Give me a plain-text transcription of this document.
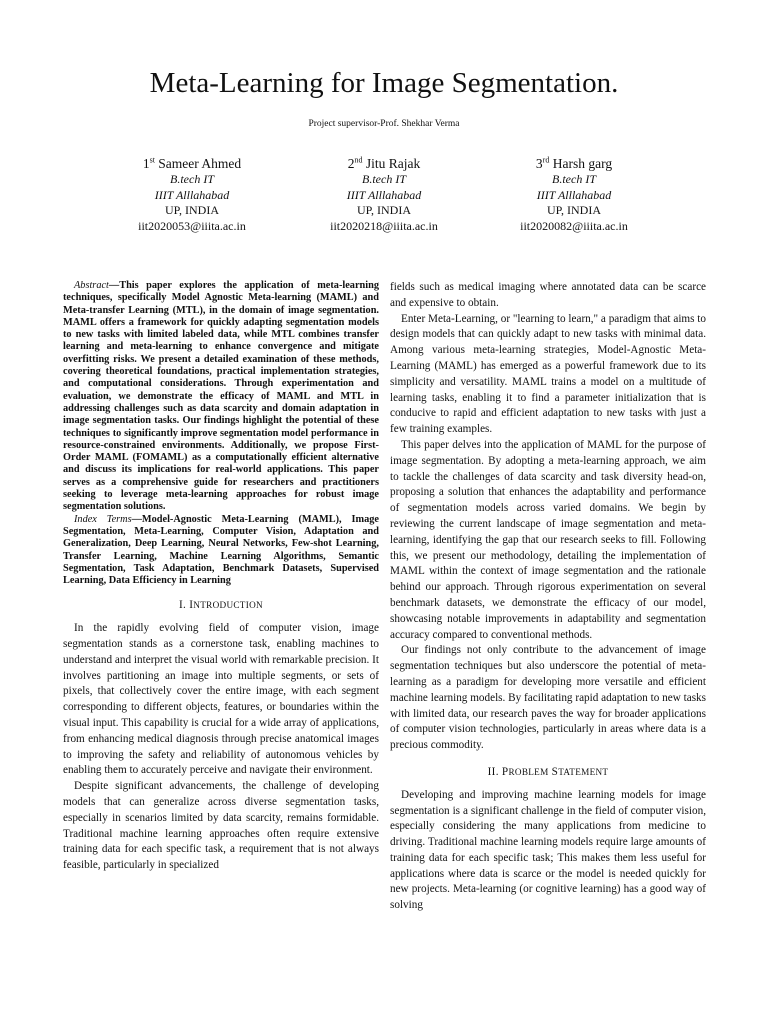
Meta-Learning for Image Segmentation.

Project supervisor-Prof. Shekhar Verma

1st Sameer Ahmed
B.tech IT
IIIT Alllahabad
UP, INDIA
iit2020053@iiita.ac.in
2nd Jitu Rajak
B.tech IT
IIIT Alllahabad
UP, INDIA
iit2020218@iiita.ac.in
3rd Harsh garg
B.tech IT
IIIT Alllahabad
UP, INDIA
iit2020082@iiita.ac.in

Abstract—This paper explores the application of meta-learning techniques, specifically Model Agnostic Meta-learning (MAML) and Meta-transfer Learning (MTL), in the domain of image segmentation. MAML offers a framework for quickly adapting segmentation models to new tasks with limited labeled data, while MTL combines transfer learning and meta-learning to enhance convergence and mitigate overfitting risks. We present a detailed examination of these methods, covering theoretical foundations, practical implementation strategies, and computational considerations. Through experimentation and evaluation, we demonstrate the efficacy of MAML and MTL in addressing challenges such as data scarcity and domain adaptation in image segmentation tasks. Our findings highlight the potential of these techniques to significantly improve segmentation model performance in resource-constrained environments. Additionally, we propose First-Order MAML (FOMAML) as a computationally efficient alternative and discuss its implications for real-world applications. This paper serves as a comprehensive guide for researchers and practitioners seeking to leverage meta-learning approaches for robust image segmentation solutions.

Index Terms—Model-Agnostic Meta-Learning (MAML), Image Segmentation, Meta-Learning, Computer Vision, Adaptation and Generalization, Deep Learning, Neural Networks, Few-shot Learning, Transfer Learning, Machine Learning Algorithms, Semantic Segmentation, Task Adaptation, Benchmark Datasets, Supervised Learning, Data Efficiency in Learning

I. INTRODUCTION

In the rapidly evolving field of computer vision, image segmentation stands as a cornerstone task, enabling machines to understand and interpret the visual world with remarkable precision. It involves partitioning an image into multiple segments, or sets of pixels, that collectively cover the entire image, with each segment corresponding to different objects, features, or boundaries within the visual input. This capability is crucial for a wide array of applications, from enhancing medical diagnosis through precise anatomical images to improving the safety and reliability of autonomous vehicles by enabling them to accurately perceive and navigate their environment.

Despite significant advancements, the challenge of developing models that can generalize across diverse segmentation tasks, especially in scenarios limited by data scarcity, remains formidable. Traditional machine learning approaches often require extensive training data for each specific task, a requirement that is not always feasible, particularly in specialized

fields such as medical imaging where annotated data can be scarce and expensive to obtain.

Enter Meta-Learning, or "learning to learn," a paradigm that aims to design models that can quickly adapt to new tasks with minimal data. Among various meta-learning strategies, Model-Agnostic Meta-Learning (MAML) has emerged as a powerful framework due to its simplicity and versatility. MAML trains a model on a multitude of learning tasks, enabling it to find a parameter initialization that is conducive to rapid and efficient adaptation to new tasks with just a few training examples.

This paper delves into the application of MAML for the purpose of image segmentation. By adopting a meta-learning approach, we aim to tackle the challenges of data scarcity and task diversity head-on, proposing a solution that enhances the adaptability and performance of segmentation models across varied domains. We begin by reviewing the current landscape of image segmentation and meta-learning, identifying the gap that our research seeks to fill. Following this, we present our methodology, detailing the implementation of MAML within the context of image segmentation and the rationale behind our approach. Through rigorous experimentation on several benchmark datasets, we demonstrate the efficacy of our model, showcasing notable improvements in adaptability and segmentation accuracy compared to conventional methods.

Our findings not only contribute to the advancement of image segmentation techniques but also underscore the potential of meta-learning as a paradigm for developing more versatile and efficient machine learning models. By facilitating rapid adaptation to new tasks with limited data, our research paves the way for broader applications of computer vision technologies, particularly in areas where data is a precious commodity.

II. PROBLEM STATEMENT

Developing and improving machine learning models for image segmentation is a significant challenge in the field of computer vision, especially considering the many applications from medicine to driving. Traditional machine learning models require large amounts of training data for each specific task; This makes them less useful for applications where data is scarce or the model is needed quickly for new projects. Meta-learning (or cognitive learning) has a good way of solving
